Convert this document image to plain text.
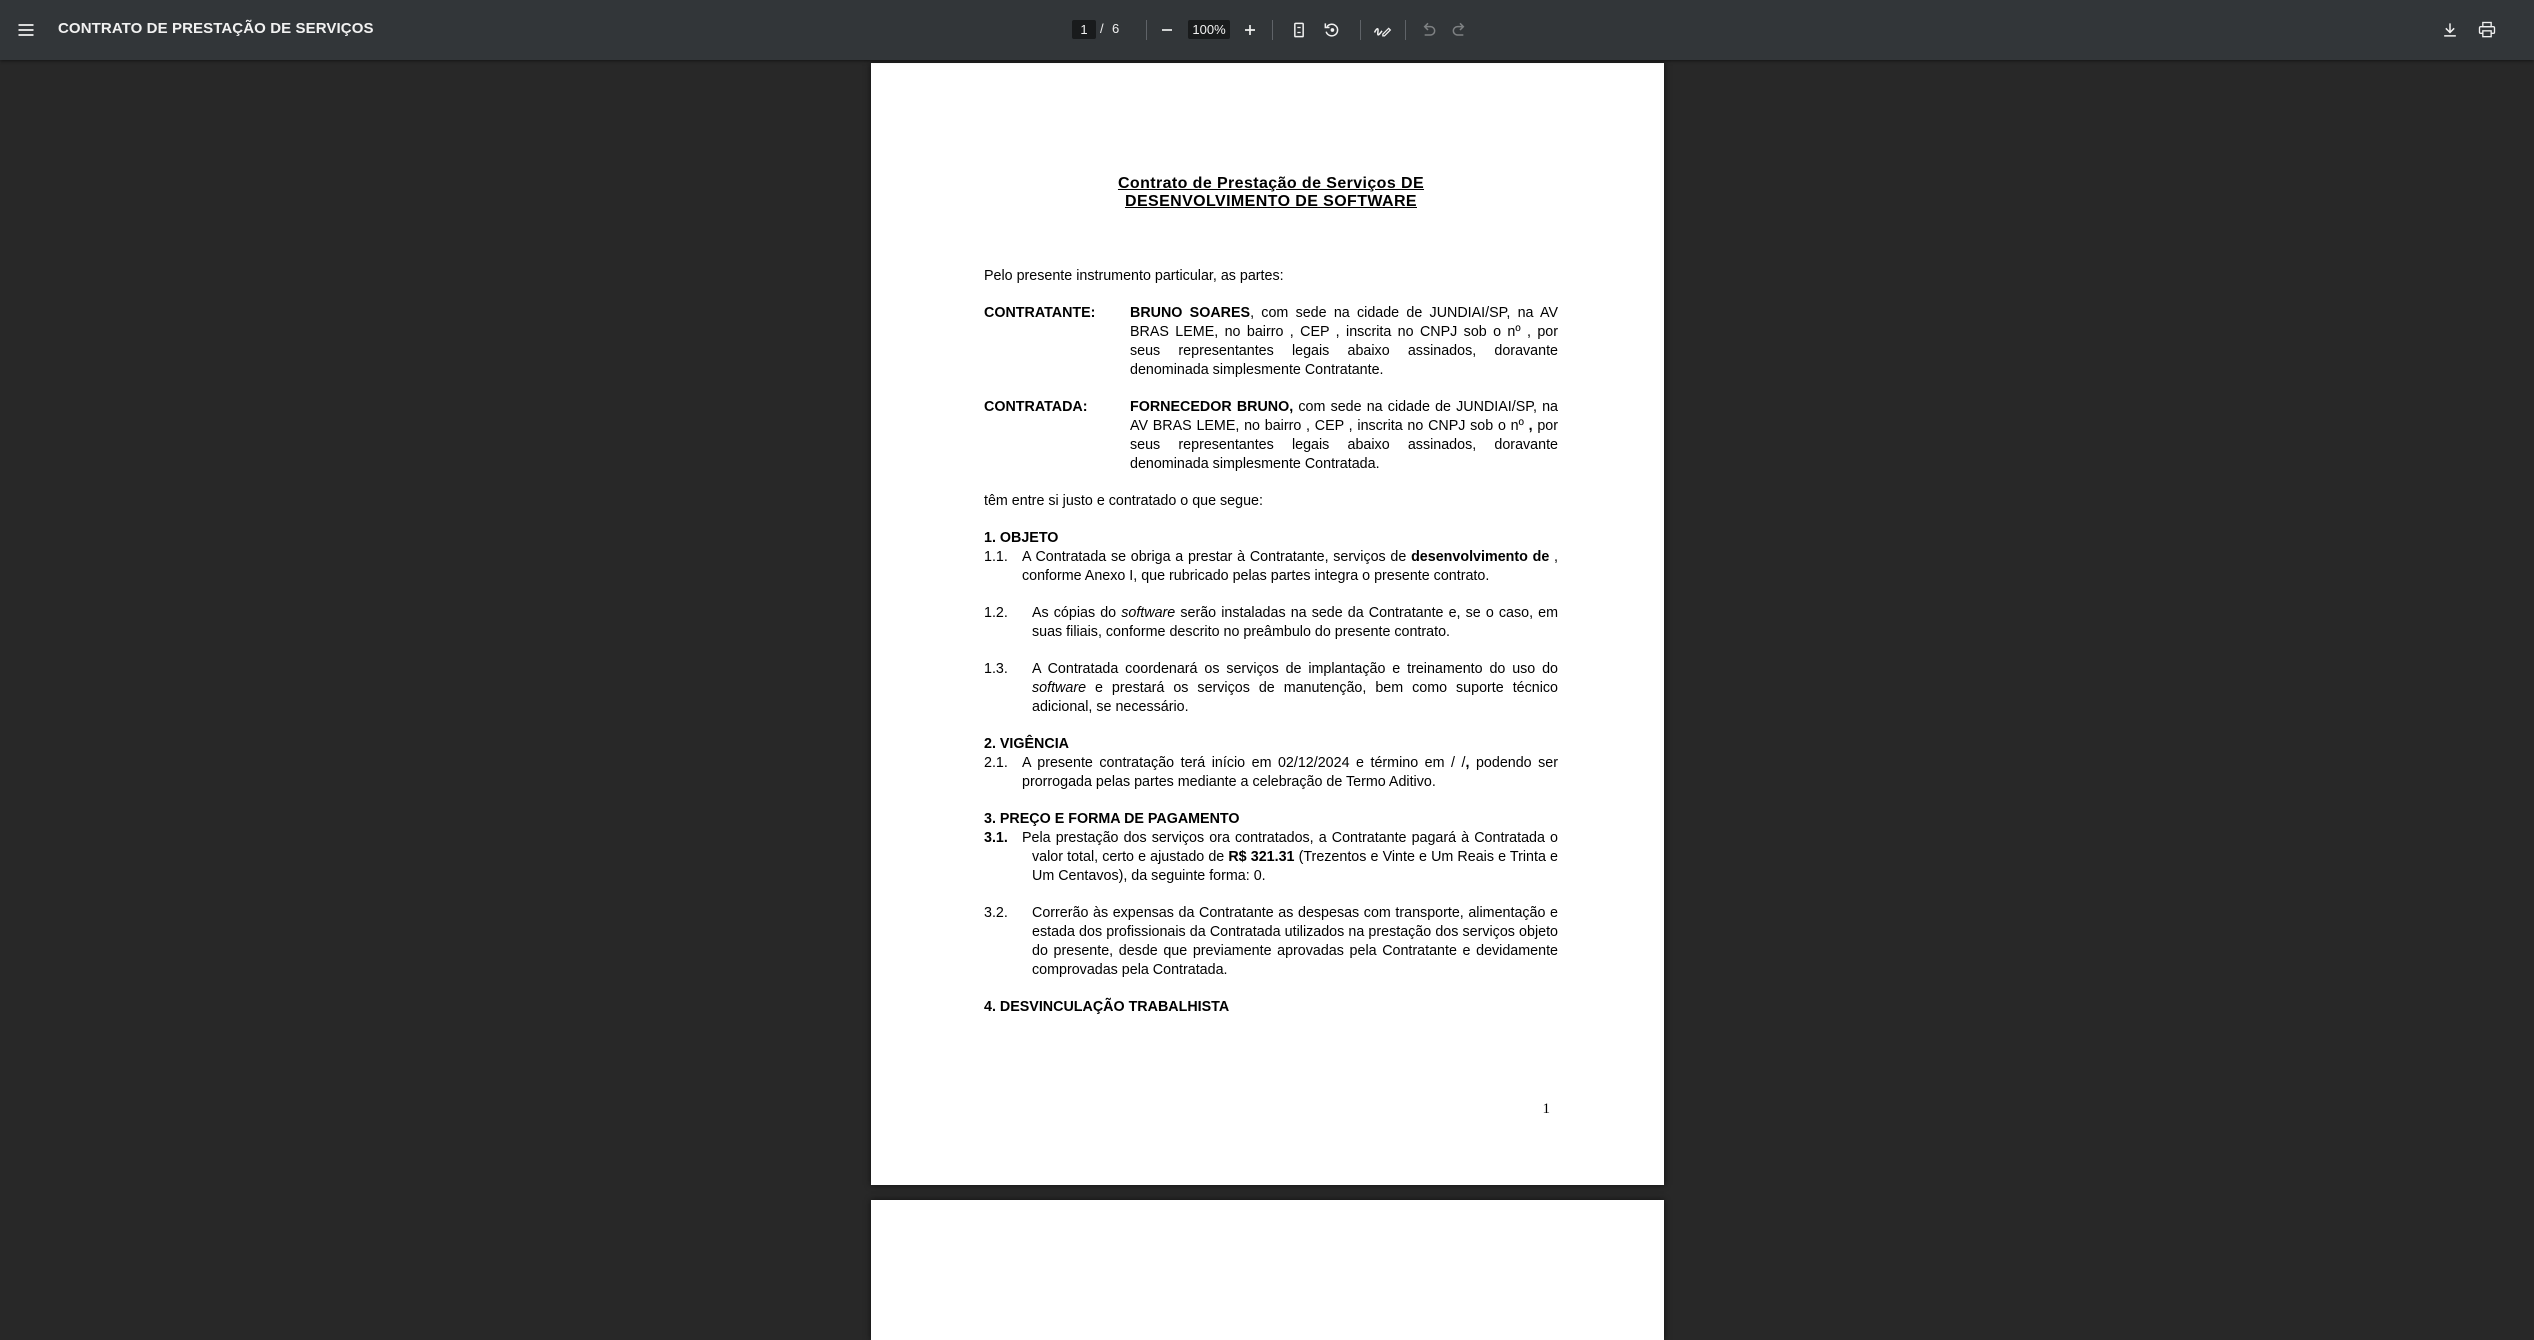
CONTRATO DE PRESTAÇÃO DE SERVIÇOS	1 / 6	100%
Contrato de Prestação de Serviços DE
DESENVOLVIMENTO DE SOFTWARE

Pelo presente instrumento particular, as partes:

CONTRATANTE:	BRUNO SOARES, com sede na cidade de JUNDIAI/SP, na AV BRAS LEME, no bairro , CEP , inscrita no CNPJ sob o nº , por seus representantes legais abaixo assinados, doravante denominada simplesmente Contratante.
CONTRATADA:	FORNECEDOR BRUNO, com sede na cidade de JUNDIAI/SP, na AV BRAS LEME, no bairro , CEP , inscrita no CNPJ sob o nº , por seus representantes legais abaixo assinados, doravante denominada simplesmente Contratada.

têm entre si justo e contratado o que segue:

1. OBJETO

1.1. A Contratada se obriga a prestar à Contratante, serviços de desenvolvimento de , conforme Anexo I, que rubricado pelas partes integra o presente contrato.
1.2.	As cópias do software serão instaladas na sede da Contratante e, se o caso, em suas filiais, conforme descrito no preâmbulo do presente contrato.
1.3.	A Contratada coordenará os serviços de implantação e treinamento do uso do software e prestará os serviços de manutenção, bem como suporte técnico adicional, se necessário.

2. VIGÊNCIA

2.1. A presente contratação terá início em 02/12/2024 e término em / /, podendo ser prorrogada pelas partes mediante a celebração de Termo Aditivo.

3. PREÇO E FORMA DE PAGAMENTO

3.1. Pela prestação dos serviços ora contratados, a Contratante pagará à Contratada o valor total, certo e ajustado de R$ 321.31 (Trezentos e Vinte e Um Reais e Trinta e Um Centavos), da seguinte forma: 0.
3.2.	Correrão às expensas da Contratante as despesas com transporte, alimentação e estada dos profissionais da Contratada utilizados na prestação dos serviços objeto do presente, desde que previamente aprovadas pela Contratante e devidamente comprovadas pela Contratada.

4. DESVINCULAÇÃO TRABALHISTA

1
